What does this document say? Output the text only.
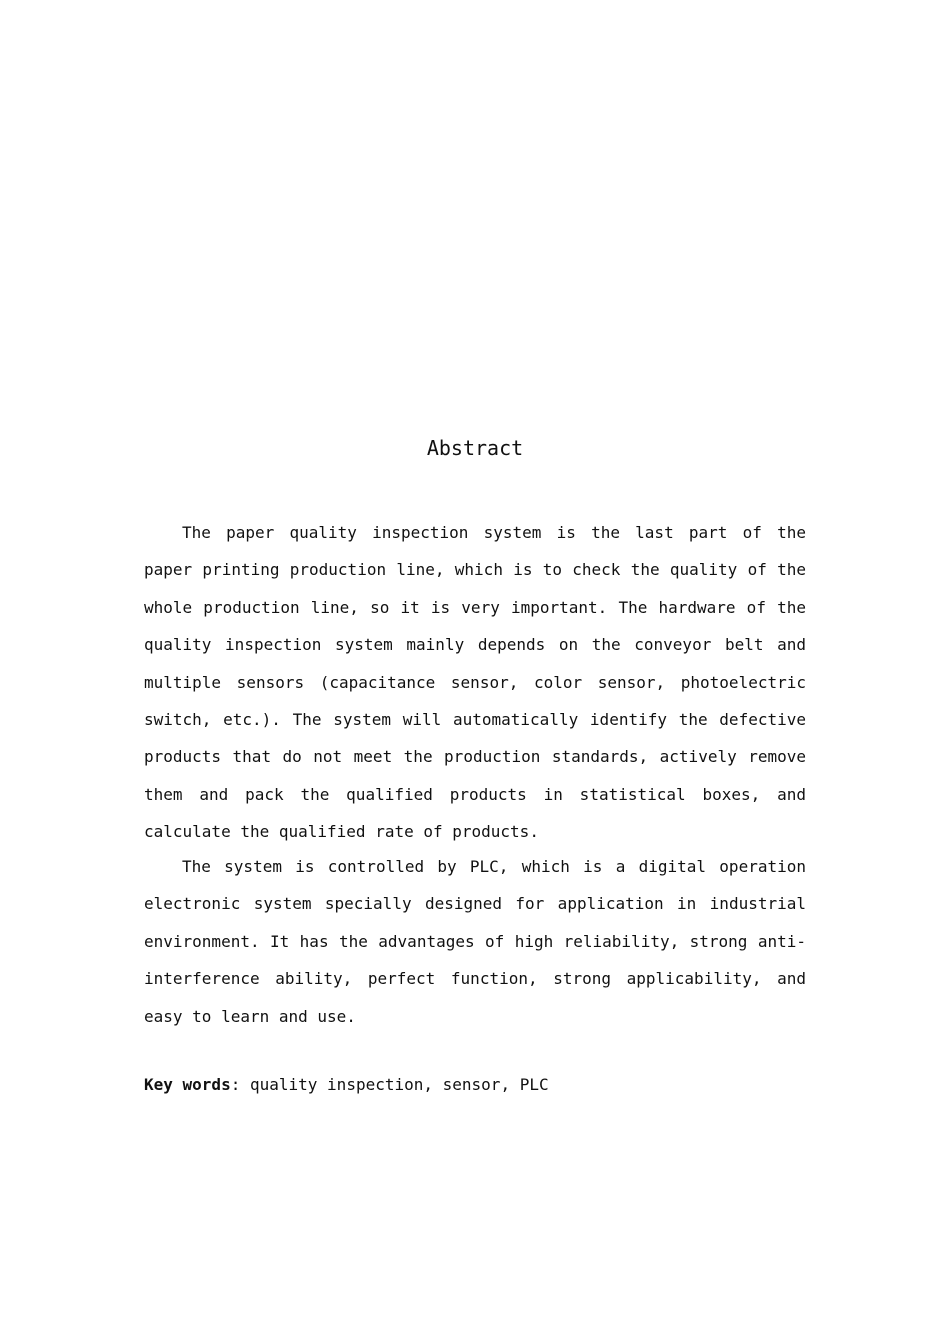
Abstract

The paper quality inspection system is the last part of the paper printing production line, which is to check the quality of the whole production line, so it is very important. The hardware of the quality inspection system mainly depends on the conveyor belt and multiple sensors (capacitance sensor, color sensor, photoelectric switch, etc.). The system will automatically identify the defective products that do not meet the production standards, actively remove them and pack the qualified products in statistical boxes, and calculate the qualified rate of products.

The system is controlled by PLC, which is a digital operation electronic system specially designed for application in industrial environment. It has the advantages of high reliability, strong anti-interference ability, perfect function, strong applicability, and easy to learn and use.

Key words: quality inspection, sensor, PLC
